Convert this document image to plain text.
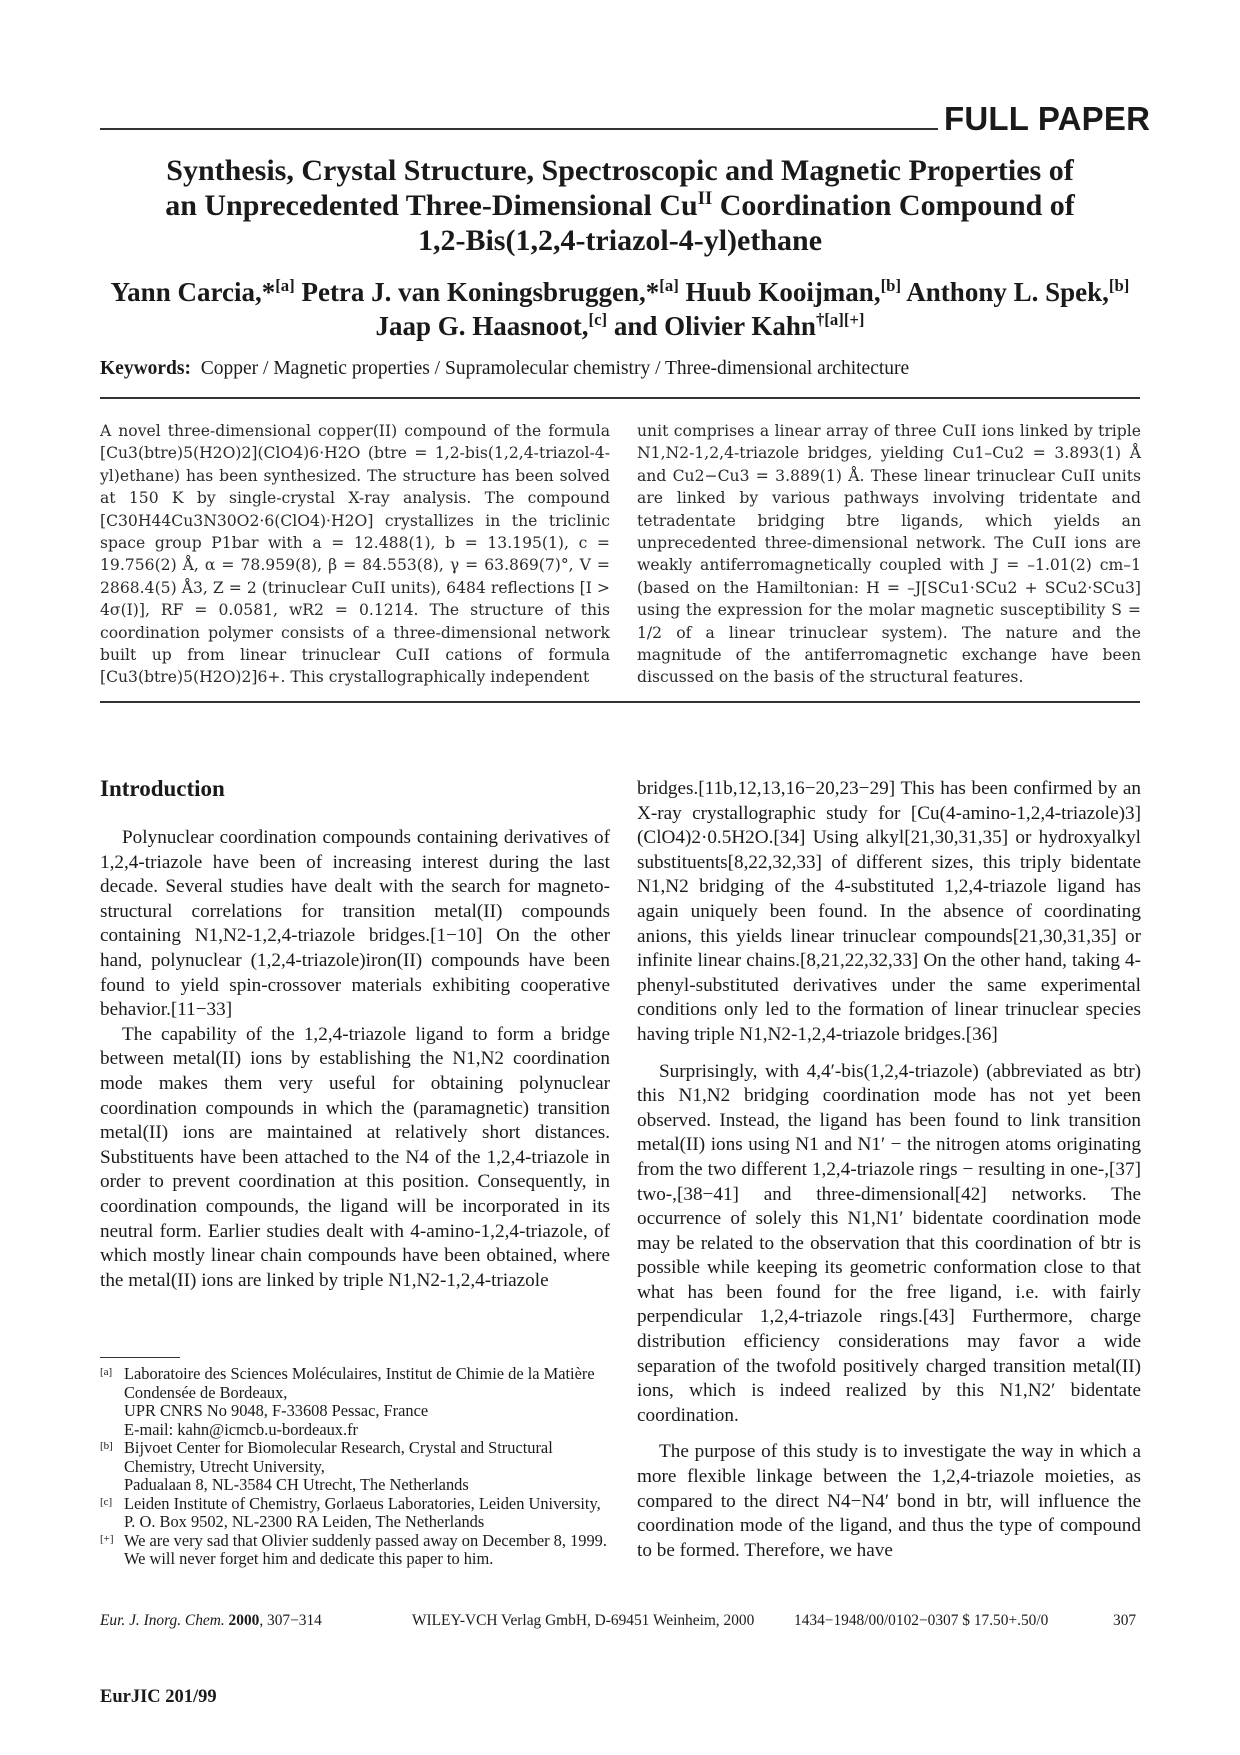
FULL PAPER
Synthesis, Crystal Structure, Spectroscopic and Magnetic Properties of
an Unprecedented Three-Dimensional $Cu^{II}$ Coordination Compound of
1,2-Bis(1,2,4-triazol-4-yl)ethane
Yann Carcia,*[a] Petra J. van Koningsbruggen,*[a] Huub Kooijman,[b] Anthony L. Spek,[b]
Jaap G. Haasnoot,[c] and Olivier Kahn$^{\dagger[a][+]}$
Keywords: Copper / Magnetic properties / Supramolecular chemistry / Three-dimensional architecture
A novel three-dimensional copper(II) compound of the formula [Cu3(btre)5(H2O)2](ClO4)6·H2O (btre = 1,2-bis(1,2,4-triazol-4-yl)ethane) has been synthesized. The structure has been solved at 150 K by single-crystal X-ray analysis. The compound [C30H44Cu3N30O2·6(ClO4)·H2O] crystallizes in the triclinic space group P1bar with a = 12.488(1), b = 13.195(1), c = 19.756(2) Å, α = 78.959(8), β = 84.553(8), γ = 63.869(7)°, V = 2868.4(5) Å3, Z = 2 (trinuclear CuII units), 6484 reflections [I > 4σ(I)], RF = 0.0581, wR2 = 0.1214. The structure of this coordination polymer consists of a three-dimensional network built up from linear trinuclear CuII cations of formula [Cu3(btre)5(H2O)2]6+. This crystallographically independent
unit comprises a linear array of three CuII ions linked by triple N1,N2-1,2,4-triazole bridges, yielding Cu1–Cu2 = 3.893(1) Å and Cu2−Cu3 = 3.889(1) Å. These linear trinuclear CuII units are linked by various pathways involving tridentate and tetradentate bridging btre ligands, which yields an unprecedented three-dimensional network. The CuII ions are weakly antiferromagnetically coupled with J = –1.01(2) cm–1 (based on the Hamiltonian: H = –J[SCu1·SCu2 + SCu2·SCu3] using the expression for the molar magnetic susceptibility S = 1/2 of a linear trinuclear system). The nature and the magnitude of the antiferromagnetic exchange have been discussed on the basis of the structural features.
Introduction

Polynuclear coordination compounds containing derivatives of 1,2,4-triazole have been of increasing interest during the last decade. Several studies have dealt with the search for magneto-structural correlations for transition metal(II) compounds containing N1,N2-1,2,4-triazole bridges.[1−10] On the other hand, polynuclear (1,2,4-triazole)iron(II) compounds have been found to yield spin-crossover materials exhibiting cooperative behavior.[11−33]

The capability of the 1,2,4-triazole ligand to form a bridge between metal(II) ions by establishing the N1,N2 coordination mode makes them very useful for obtaining polynuclear coordination compounds in which the (paramagnetic) transition metal(II) ions are maintained at relatively short distances. Substituents have been attached to the N4 of the 1,2,4-triazole in order to prevent coordination at this position. Consequently, in coordination compounds, the ligand will be incorporated in its neutral form. Earlier studies dealt with 4-amino-1,2,4-triazole, of which mostly linear chain compounds have been obtained, where the metal(II) ions are linked by triple N1,N2-1,2,4-triazole

bridges.[11b,12,13,16−20,23−29] This has been confirmed by an X-ray crystallographic study for [Cu(4-amino-1,2,4-triazole)3](ClO4)2·0.5H2O.[34] Using alkyl[21,30,31,35] or hydroxyalkyl substituents[8,22,32,33] of different sizes, this triply bidentate N1,N2 bridging of the 4-substituted 1,2,4-triazole ligand has again uniquely been found. In the absence of coordinating anions, this yields linear trinuclear compounds[21,30,31,35] or infinite linear chains.[8,21,22,32,33] On the other hand, taking 4-phenyl-substituted derivatives under the same experimental conditions only led to the formation of linear trinuclear species having triple N1,N2-1,2,4-triazole bridges.[36]

Surprisingly, with 4,4′-bis(1,2,4-triazole) (abbreviated as btr) this N1,N2 bridging coordination mode has not yet been observed. Instead, the ligand has been found to link transition metal(II) ions using N1 and N1′ − the nitrogen atoms originating from the two different 1,2,4-triazole rings − resulting in one-,[37] two-,[38−41] and three-dimensional[42] networks. The occurrence of solely this N1,N1′ bidentate coordination mode may be related to the observation that this coordination of btr is possible while keeping its geometric conformation close to that what has been found for the free ligand, i.e. with fairly perpendicular 1,2,4-triazole rings.[43] Furthermore, charge distribution efficiency considerations may favor a wide separation of the twofold positively charged transition metal(II) ions, which is indeed realized by this N1,N2′ bidentate coordination.

The purpose of this study is to investigate the way in which a more flexible linkage between the 1,2,4-triazole moieties, as compared to the direct N4−N4′ bond in btr, will influence the coordination mode of the ligand, and thus the type of compound to be formed. Therefore, we have

[a] Laboratoire des Sciences Moléculaires, Institut de Chimie de la Matière Condensée de Bordeaux,
UPR CNRS No 9048, F-33608 Pessac, France
E-mail: kahn@icmcb.u-bordeaux.fr
[b] Bijvoet Center for Biomolecular Research, Crystal and Structural Chemistry, Utrecht University,
Padualaan 8, NL-3584 CH Utrecht, The Netherlands
[c] Leiden Institute of Chemistry, Gorlaeus Laboratories, Leiden University,
P. O. Box 9502, NL-2300 RA Leiden, The Netherlands
[+] We are very sad that Olivier suddenly passed away on December 8, 1999. We will never forget him and dedicate this paper to him.
Eur. J. Inorg. Chem. 2000, 307−314	WILEY-VCH Verlag GmbH, D-69451 Weinheim, 2000	1434−1948/00/0102−0307 $ 17.50+.50/0	307
EurJIC 201/99
